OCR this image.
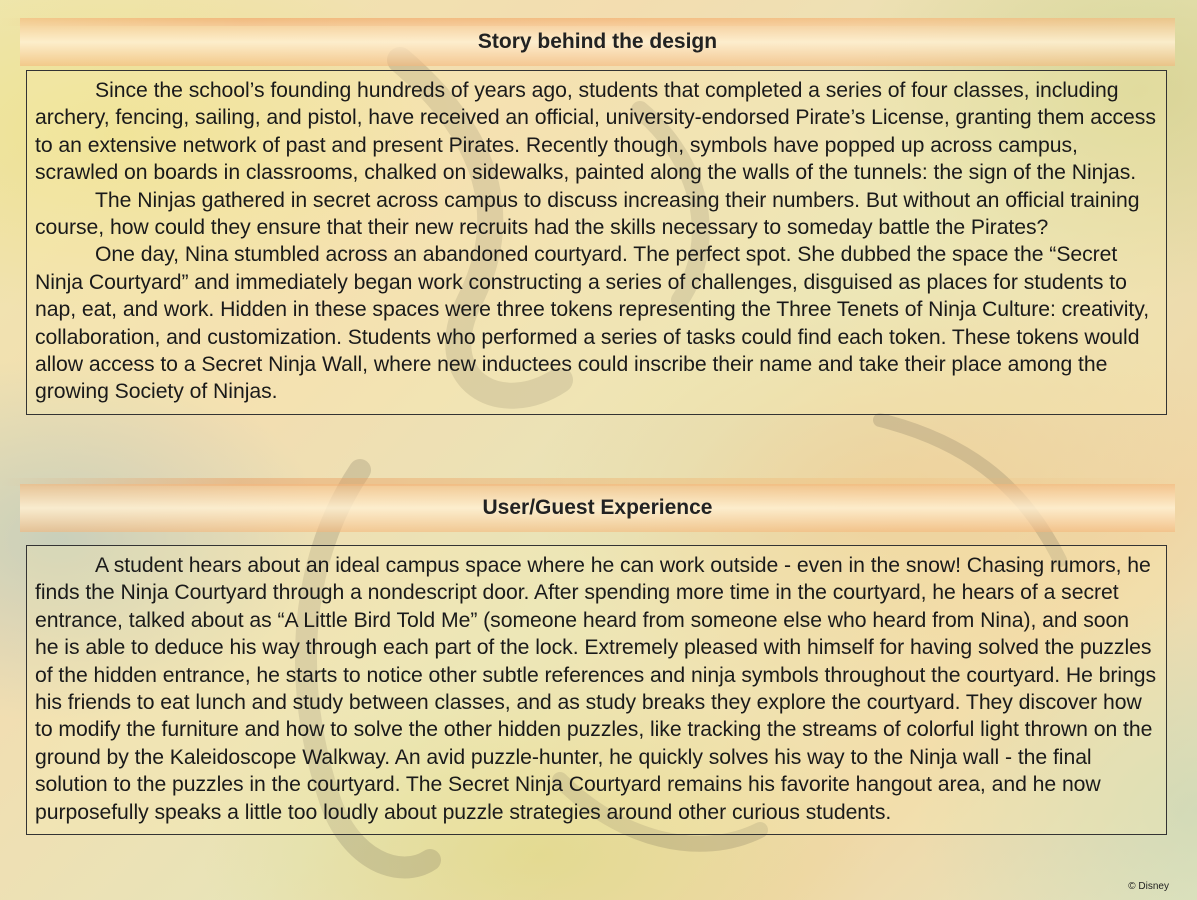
Story behind the design

Since the school’s founding hundreds of years ago, students that completed a series of four classes, including archery, fencing, sailing, and pistol, have received an official, university-endorsed Pirate’s License, granting them access to an extensive network of past and present Pirates. Recently though, symbols have popped up across campus, scrawled on boards in classrooms, chalked on sidewalks, painted along the walls of the tunnels: the sign of the Ninjas.

The Ninjas gathered in secret across campus to discuss increasing their numbers. But without an official training course, how could they ensure that their new recruits had the skills necessary to someday battle the Pirates?

One day, Nina stumbled across an abandoned courtyard. The perfect spot. She dubbed the space the “Secret Ninja Courtyard” and immediately began work constructing a series of challenges, disguised as places for students to nap, eat, and work. Hidden in these spaces were three tokens representing the Three Tenets of Ninja Culture: creativity, collaboration, and customization. Students who performed a series of tasks could find each token. These tokens would allow access to a Secret Ninja Wall, where new inductees could inscribe their name and take their place among the growing Society of Ninjas.

User/Guest Experience

A student hears about an ideal campus space where he can work outside - even in the snow! Chasing rumors, he finds the Ninja Courtyard through a nondescript door. After spending more time in the courtyard, he hears of a secret entrance, talked about as “A Little Bird Told Me” (someone heard from someone else who heard from Nina), and soon he is able to deduce his way through each part of the lock. Extremely pleased with himself for having solved the puzzles of the hidden entrance, he starts to notice other subtle references and ninja symbols throughout the courtyard. He brings his friends to eat lunch and study between classes, and as study breaks they explore the courtyard. They discover how to modify the furniture and how to solve the other hidden puzzles, like tracking the streams of colorful light thrown on the ground by the Kaleidoscope Walkway. An avid puzzle-hunter, he quickly solves his way to the Ninja wall - the final solution to the puzzles in the courtyard. The Secret Ninja Courtyard remains his favorite hangout area, and he now purposefully speaks a little too loudly about puzzle strategies around other curious students.

© Disney
